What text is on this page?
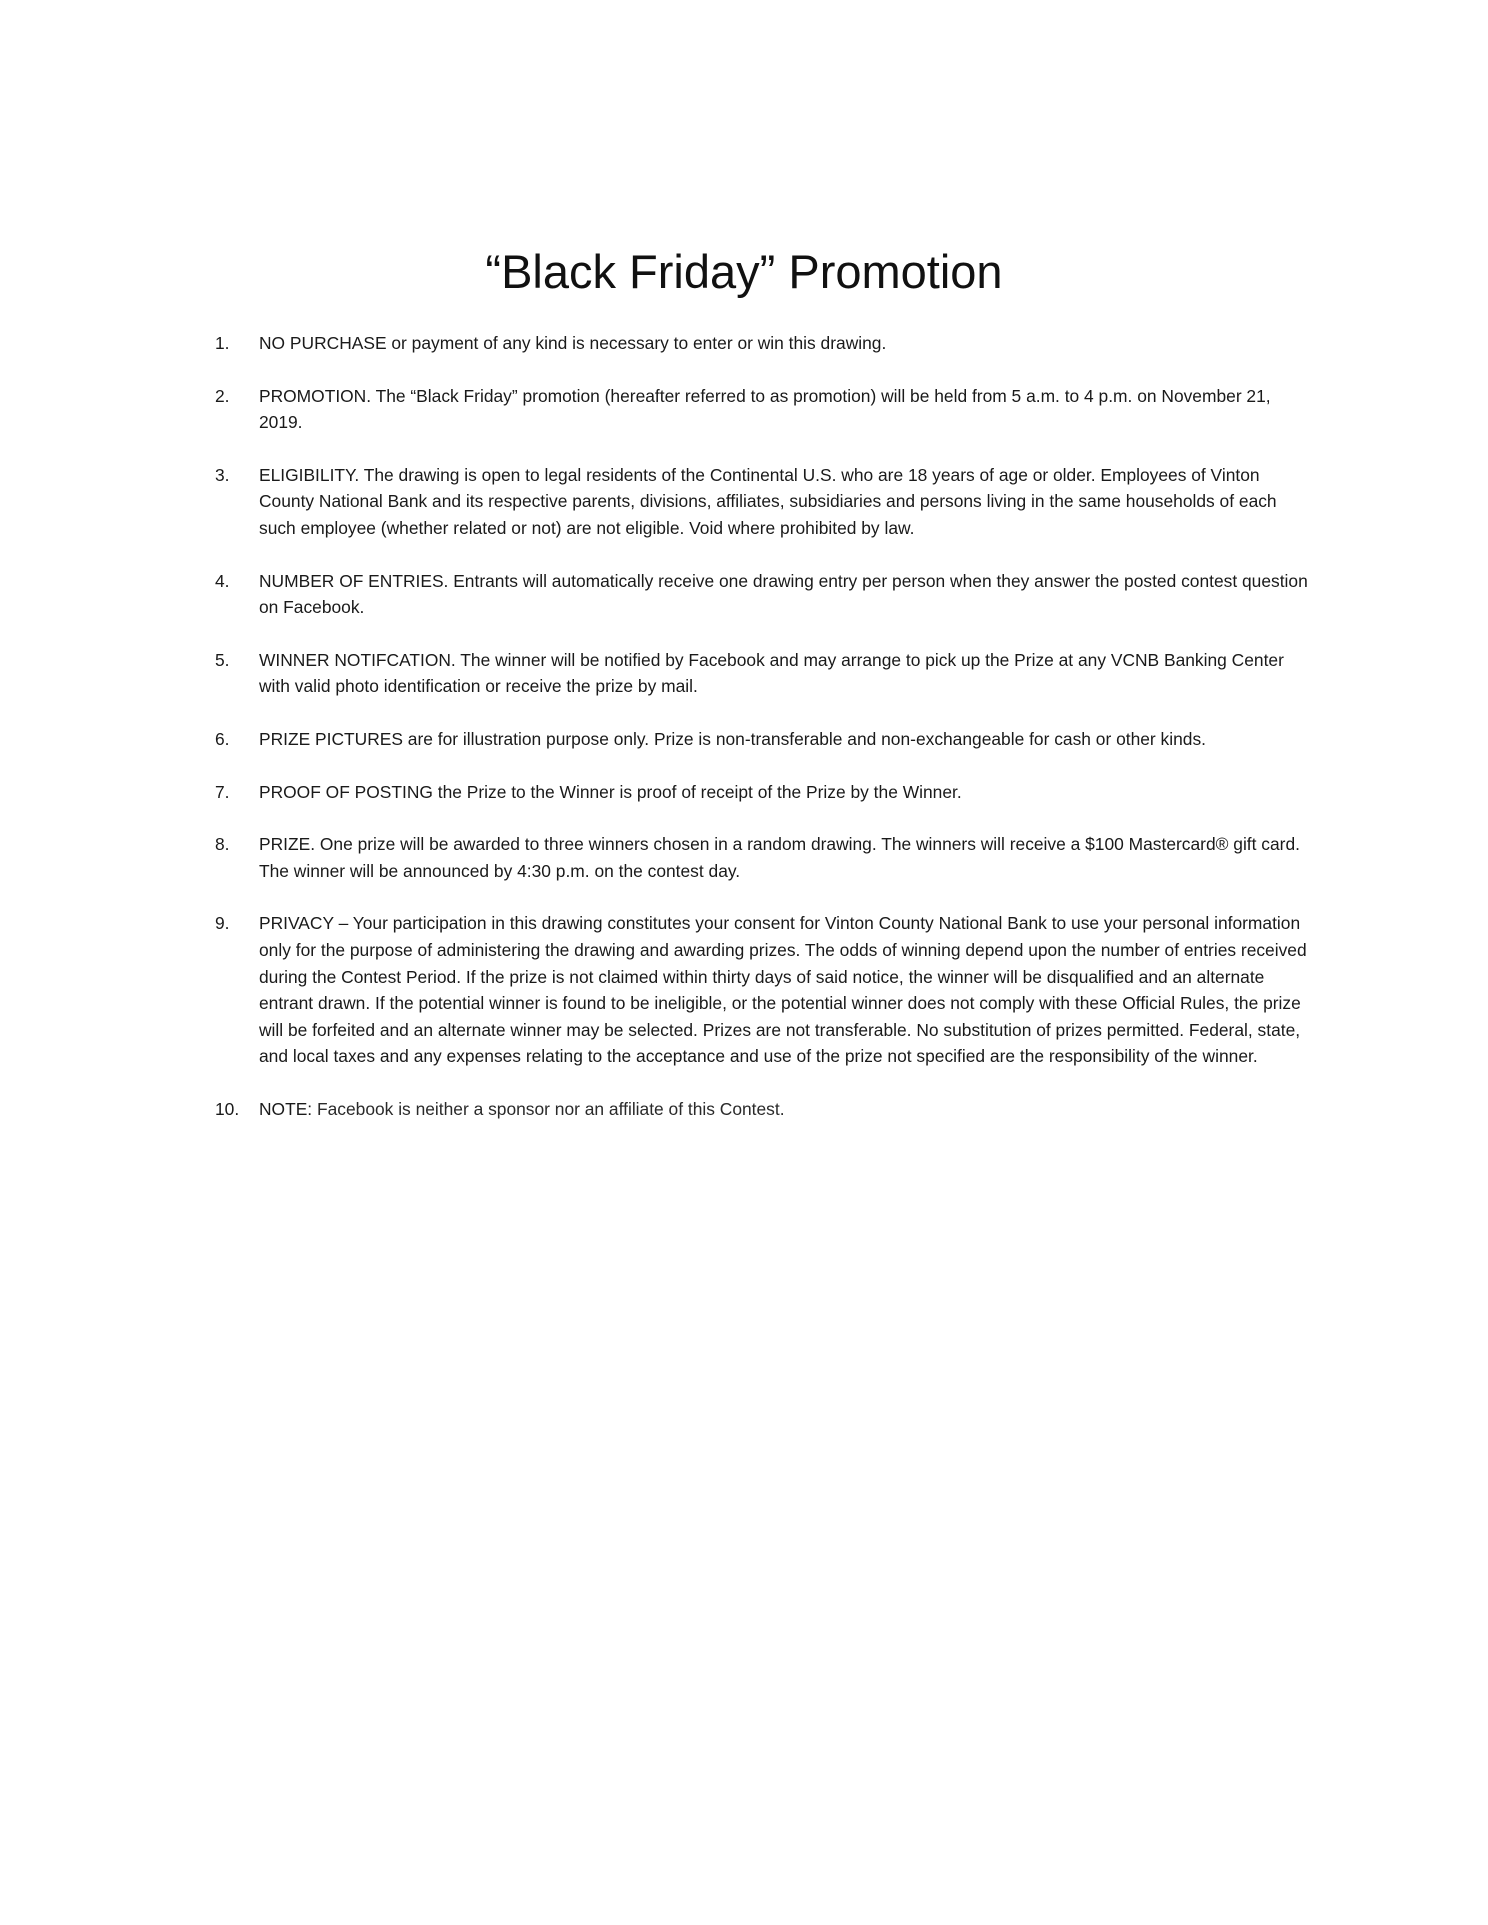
“Black Friday” Promotion
1.	NO PURCHASE or payment of any kind is necessary to enter or win this drawing.
2.	PROMOTION. The “Black Friday” promotion (hereafter referred to as promotion) will be held from 5 a.m. to 4 p.m. on November 21, 2019.
3.	ELIGIBILITY. The drawing is open to legal residents of the Continental U.S. who are 18 years of age or older. Employees of Vinton County National Bank and its respective parents, divisions, affiliates, subsidiaries and persons living in the same households of each such employee (whether related or not) are not eligible. Void where prohibited by law.
4.	NUMBER OF ENTRIES. Entrants will automatically receive one drawing entry per person when they answer the posted contest question on Facebook.
5.	WINNER NOTIFCATION. The winner will be notified by Facebook and may arrange to pick up the Prize at any VCNB Banking Center with valid photo identification or receive the prize by mail.
6.	PRIZE PICTURES are for illustration purpose only. Prize is non-transferable and non-exchangeable for cash or other kinds.
7.	PROOF OF POSTING the Prize to the Winner is proof of receipt of the Prize by the Winner.
8.	PRIZE. One prize will be awarded to three winners chosen in a random drawing. The winners will receive a $100 Mastercard® gift card. The winner will be announced by 4:30 p.m. on the contest day.
9.	PRIVACY – Your participation in this drawing constitutes your consent for Vinton County National Bank to use your personal information only for the purpose of administering the drawing and awarding prizes. The odds of winning depend upon the number of entries received during the Contest Period. If the prize is not claimed within thirty days of said notice, the winner will be disqualified and an alternate entrant drawn. If the potential winner is found to be ineligible, or the potential winner does not comply with these Official Rules, the prize will be forfeited and an alternate winner may be selected. Prizes are not transferable. No substitution of prizes permitted. Federal, state, and local taxes and any expenses relating to the acceptance and use of the prize not specified are the responsibility of the winner.
10.	NOTE: Facebook is neither a sponsor nor an affiliate of this Contest.
